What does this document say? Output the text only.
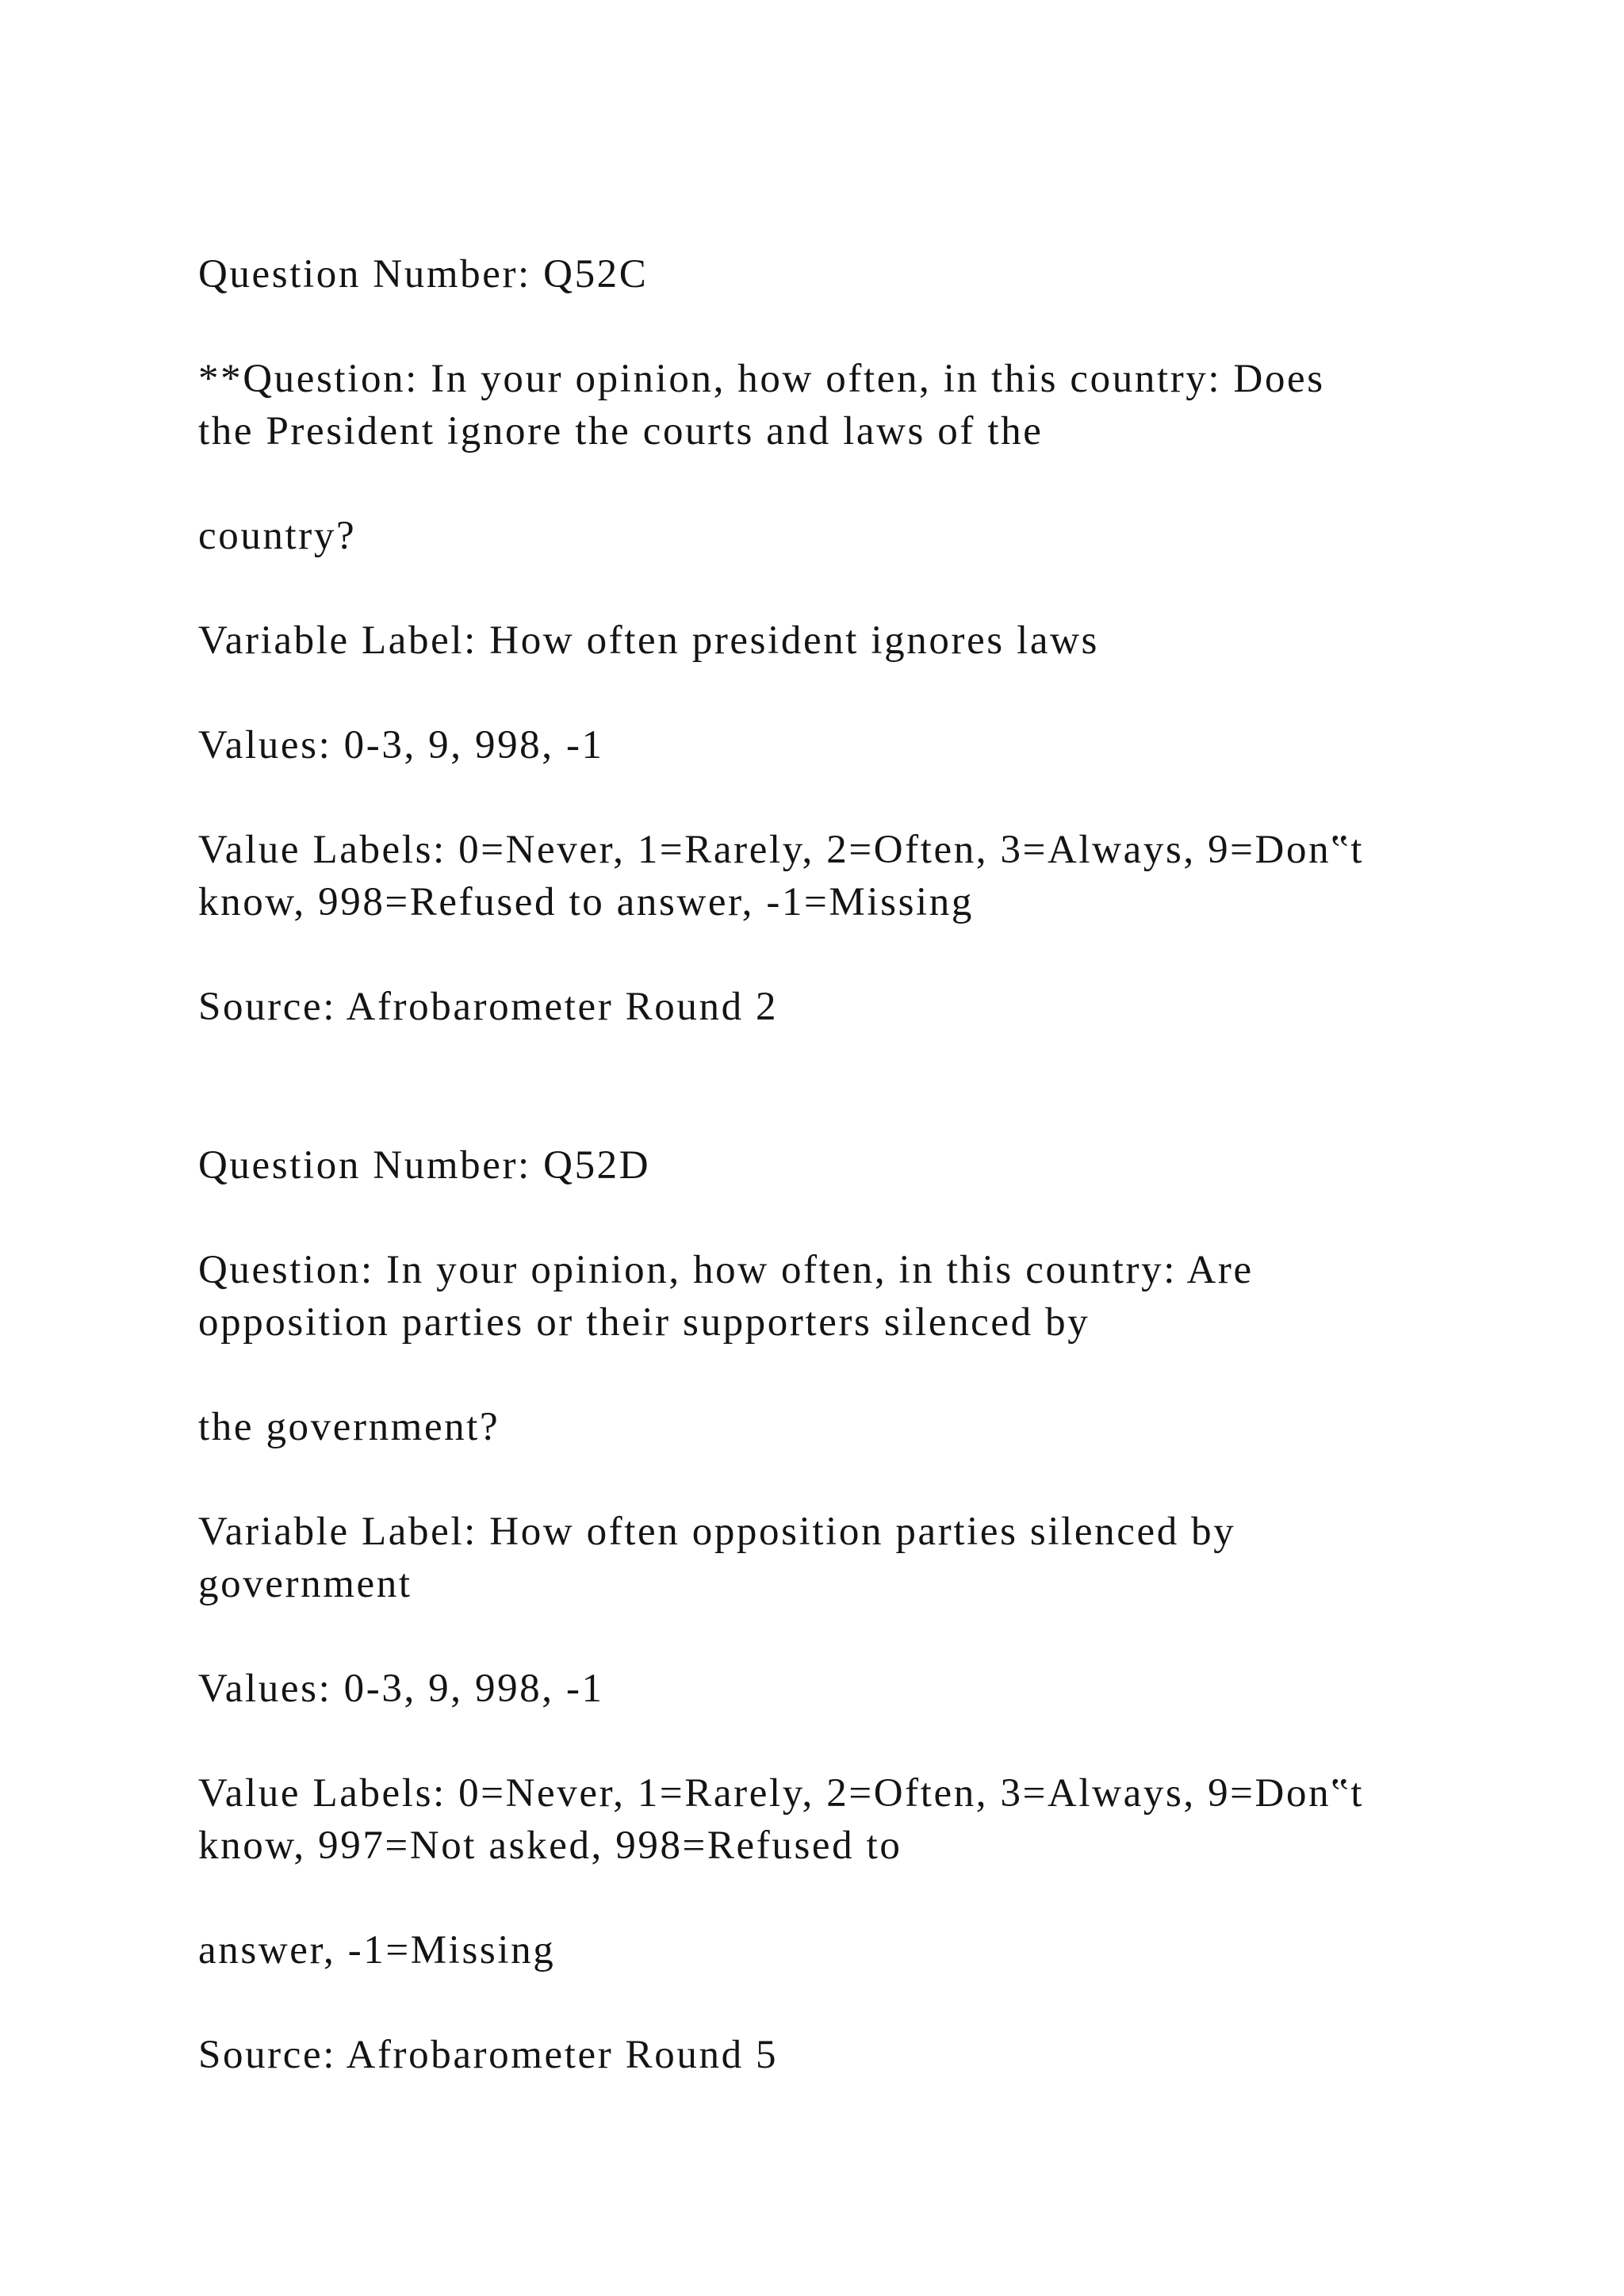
Question Number: Q52C

**Question: In your opinion, how often, in this country: Does

the President ignore the courts and laws of the

country?

Variable Label: How often president ignores laws

Values: 0-3, 9, 998, -1

Value Labels: 0=Never, 1=Rarely, 2=Often, 3=Always, 9=Don‟t

know, 998=Refused to answer, -1=Missing

Source: Afrobarometer Round 2

Question Number: Q52D

Question: In your opinion, how often, in this country: Are

opposition parties or their supporters silenced by

the government?

Variable Label: How often opposition parties silenced by

government

Values: 0-3, 9, 998, -1

Value Labels: 0=Never, 1=Rarely, 2=Often, 3=Always, 9=Don‟t

know, 997=Not asked, 998=Refused to

answer, -1=Missing

Source: Afrobarometer Round 5
